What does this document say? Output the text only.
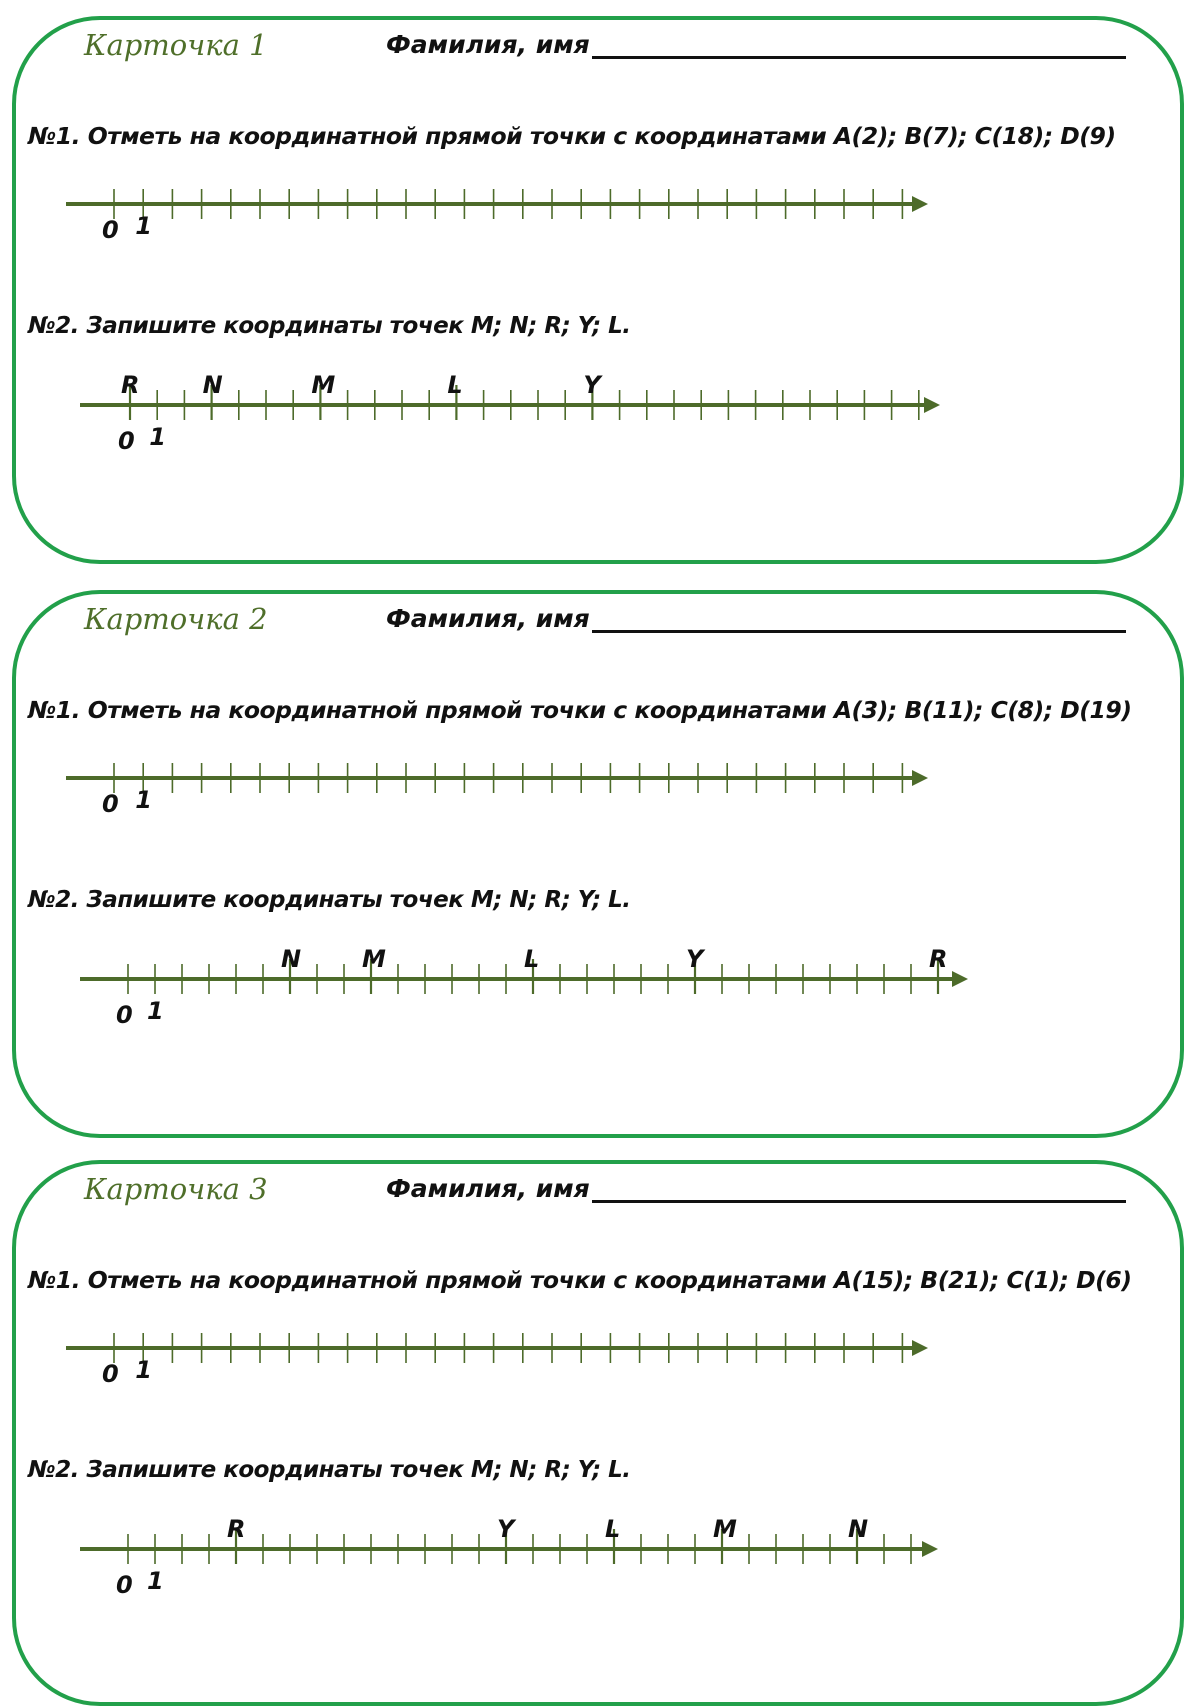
Карточка 1	Фамилия, имя
№1. Отметь на координатной прямой точки с координатами А(2); В(7); С(18); D(9)
0 1
№2. Запишите координаты точек M; N; R; Y; L.
0 1
R	N	M	L	Y
Карточка 2	Фамилия, имя
№1. Отметь на координатной прямой точки с координатами А(3); В(11); С(8); D(19)
0 1
№2. Запишите координаты точек M; N; R; Y; L.
0 1
N	M	L	Y	R
Карточка 3	Фамилия, имя
№1. Отметь на координатной прямой точки с координатами А(15); В(21); С(1); D(6)
0 1
№2. Запишите координаты точек M; N; R; Y; L.
0 1
R	Y	L	M	N
